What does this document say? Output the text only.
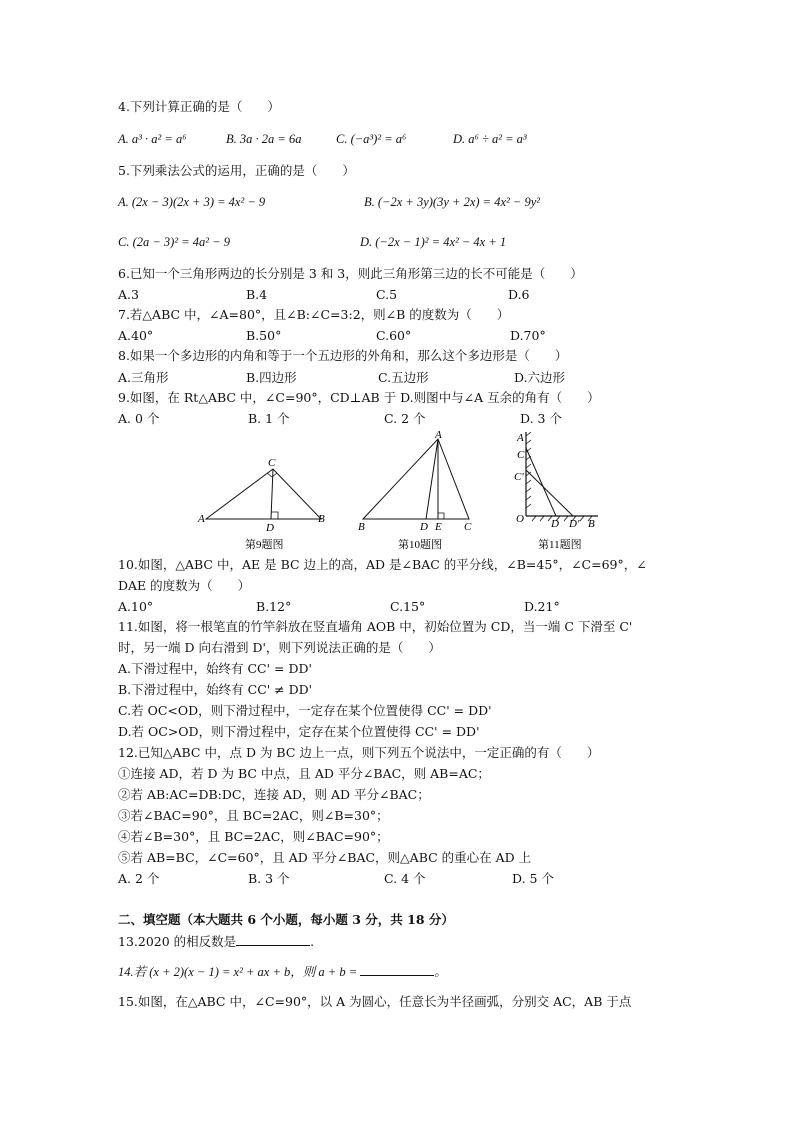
4.下列计算正确的是（　　）
A. a³ · a² = a⁶	B. 3a · 2a = 6a	C. (−a³)² = a⁶	D. a⁶ ÷ a² = a³
5.下列乘法公式的运用，正确的是（　　）
A. (2x − 3)(2x + 3) = 4x² − 9	B. (−2x + 3y)(3y + 2x) = 4x² − 9y²
C. (2a − 3)² = 4a² − 9	D. (−2x − 1)² = 4x² − 4x + 1
6.已知一个三角形两边的长分别是 3 和 3，则此三角形第三边的长不可能是（　　）
A.3	B.4	C.5	D.6
7.若△ABC 中，∠A=80°，且∠B:∠C=3:2，则∠B 的度数为（　　）
A.40°	B.50°	C.60°	D.70°
8.如果一个多边形的内角和等于一个五边形的外角和，那么这个多边形是（　　）
A.三角形	B.四边形	C.五边形	D.六边形
9.如图，在 Rt△ABC 中，∠C=90°，CD⊥AB 于 D.则图中与∠A 互余的角有（　　）
A. 0 个	B. 1 个	C. 2 个	D. 3 个
A
C
D
B
第9题图
A
B	D E C
第10题图
A
C
C'
O D D' B
第11题图
10.如图，△ABC 中，AE 是 BC 边上的高，AD 是∠BAC 的平分线，∠B=45°，∠C=69°，∠
DAE 的度数为（　　）
A.10°	B.12°	C.15°	D.21°
11.如图，将一根笔直的竹竿斜放在竖直墙角 AOB 中，初始位置为 CD，当一端 C 下滑至 C'
时，另一端 D 向右滑到 D'，则下列说法正确的是（　　）
A.下滑过程中，始终有 CC' = DD'
B.下滑过程中，始终有 CC' ≠ DD'
C.若 OC<OD，则下滑过程中，一定存在某个位置使得 CC' = DD'
D.若 OC>OD，则下滑过程中，定存在某个位置使得 CC' = DD'
12.已知△ABC 中，点 D 为 BC 边上一点，则下列五个说法中，一定正确的有（　　）
①连接 AD，若 D 为 BC 中点，且 AD 平分∠BAC，则 AB=AC；
②若 AB:AC=DB:DC，连接 AD，则 AD 平分∠BAC；
③若∠BAC=90°，且 BC=2AC，则∠B=30°；
④若∠B=30°，且 BC=2AC，则∠BAC=90°；
⑤若 AB=BC，∠C=60°，且 AD 平分∠BAC，则△ABC 的重心在 AD 上
A. 2 个	B. 3 个	C. 4 个	D. 5 个
二、填空题（本大题共 6 个小题，每小题 3 分，共 18 分）
13.2020 的相反数是	.
14.若 (x + 2)(x − 1) = x² + ax + b，则 a + b =	。
15.如图，在△ABC 中，∠C=90°，以 A 为圆心，任意长为半径画弧，分别交 AC，AB 于点
